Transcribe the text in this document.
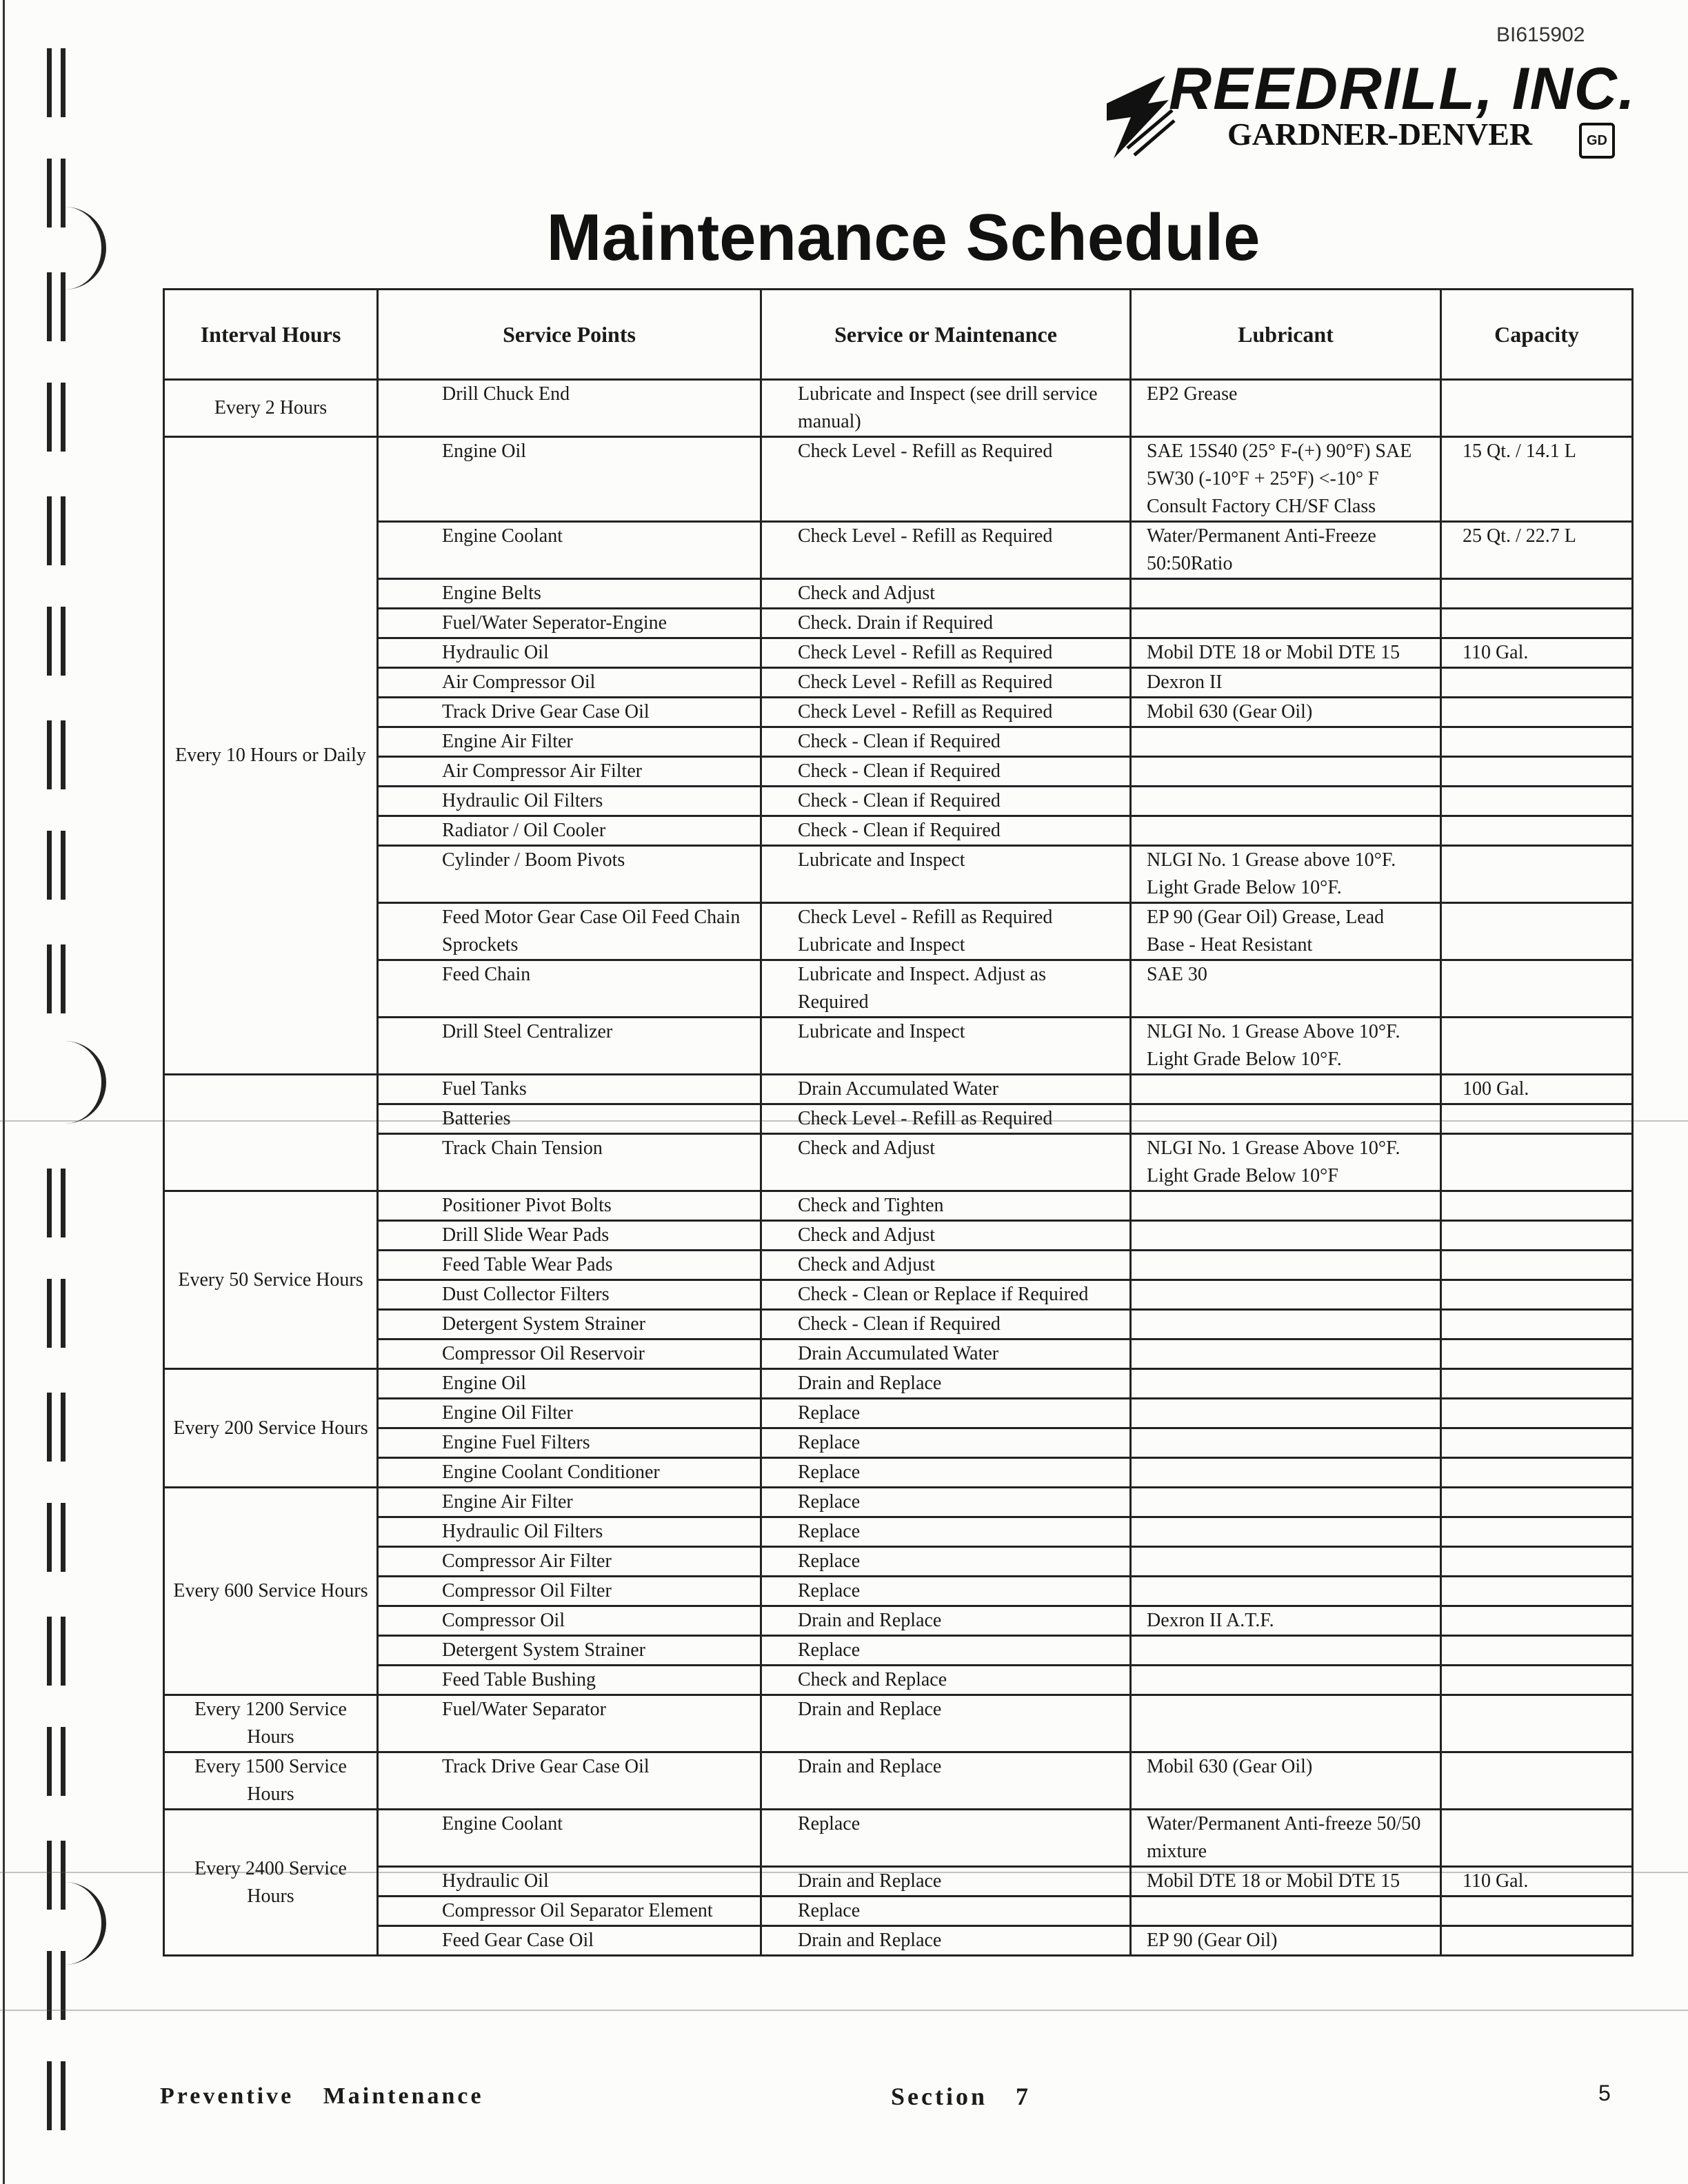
BI615902
REEDRILL, INC.
GARDNER-DENVER	GD
Maintenance Schedule
Interval Hours	Service Points	Service or Maintenance	Lubricant	Capacity
Every 2 Hours	Drill Chuck End	Lubricate and Inspect (see drill service manual)	EP2 Grease	
Every 10 Hours or Daily	Engine Oil	Check Level - Refill as Required	SAE 15S40 (25° F-(+) 90°F) SAE 5W30 (-10°F + 25°F) <-10° F Consult Factory CH/SF Class	15 Qt. / 14.1 L
	Engine Coolant	Check Level - Refill as Required	Water/Permanent Anti-Freeze 50:50Ratio	25 Qt. / 22.7 L
	Engine Belts	Check and Adjust		
	Fuel/Water Seperator-Engine	Check. Drain if Required		
	Hydraulic Oil	Check Level - Refill as Required	Mobil DTE 18 or Mobil DTE 15	110 Gal.
	Air Compressor Oil	Check Level - Refill as Required	Dexron II	
	Track Drive Gear Case Oil	Check Level - Refill as Required	Mobil 630 (Gear Oil)	
	Engine Air Filter	Check - Clean if Required		
	Air Compressor Air Filter	Check - Clean if Required		
	Hydraulic Oil Filters	Check - Clean if Required		
	Radiator / Oil Cooler	Check - Clean if Required		
	Cylinder / Boom Pivots	Lubricate and Inspect	NLGI No. 1 Grease above 10°F. Light Grade Below 10°F.	
	Feed Motor Gear Case Oil Feed Chain Sprockets	Check Level - Refill as Required Lubricate and Inspect	EP 90 (Gear Oil) Grease, Lead Base - Heat Resistant	
	Feed Chain	Lubricate and Inspect. Adjust as Required	SAE 30	
	Drill Steel Centralizer	Lubricate and Inspect	NLGI No. 1 Grease Above 10°F. Light Grade Below 10°F.	
	Fuel Tanks	Drain Accumulated Water		100 Gal.
	Batteries	Check Level - Refill as Required		
	Track Chain Tension	Check and Adjust	NLGI No. 1 Grease Above 10°F. Light Grade Below 10°F	
Every 50 Service Hours	Positioner Pivot Bolts	Check and Tighten		
	Drill Slide Wear Pads	Check and Adjust		
	Feed Table Wear Pads	Check and Adjust		
	Dust Collector Filters	Check - Clean or Replace if Required		
	Detergent System Strainer	Check - Clean if Required		
	Compressor Oil Reservoir	Drain Accumulated Water		
Every 200 Service Hours	Engine Oil	Drain and Replace		
	Engine Oil Filter	Replace		
	Engine Fuel Filters	Replace		
	Engine Coolant Conditioner	Replace		
Every 600 Service Hours	Engine Air Filter	Replace		
	Hydraulic Oil Filters	Replace		
	Compressor Air Filter	Replace		
	Compressor Oil Filter	Replace		
	Compressor Oil	Drain and Replace	Dexron II A.T.F.	
	Detergent System Strainer	Replace		
	Feed Table Bushing	Check and Replace		
Every 1200 Service Hours	Fuel/Water Separator	Drain and Replace		
Every 1500 Service Hours	Track Drive Gear Case Oil	Drain and Replace	Mobil 630 (Gear Oil)	
Every 2400 Service Hours	Engine Coolant	Replace	Water/Permanent Anti-freeze 50/50 mixture	
	Hydraulic Oil	Drain and Replace	Mobil DTE 18 or Mobil DTE 15	110 Gal.
	Compressor Oil Separator Element	Replace		
	Feed Gear Case Oil	Drain and Replace	EP 90 (Gear Oil)	
Preventive Maintenance	Section 7	5
